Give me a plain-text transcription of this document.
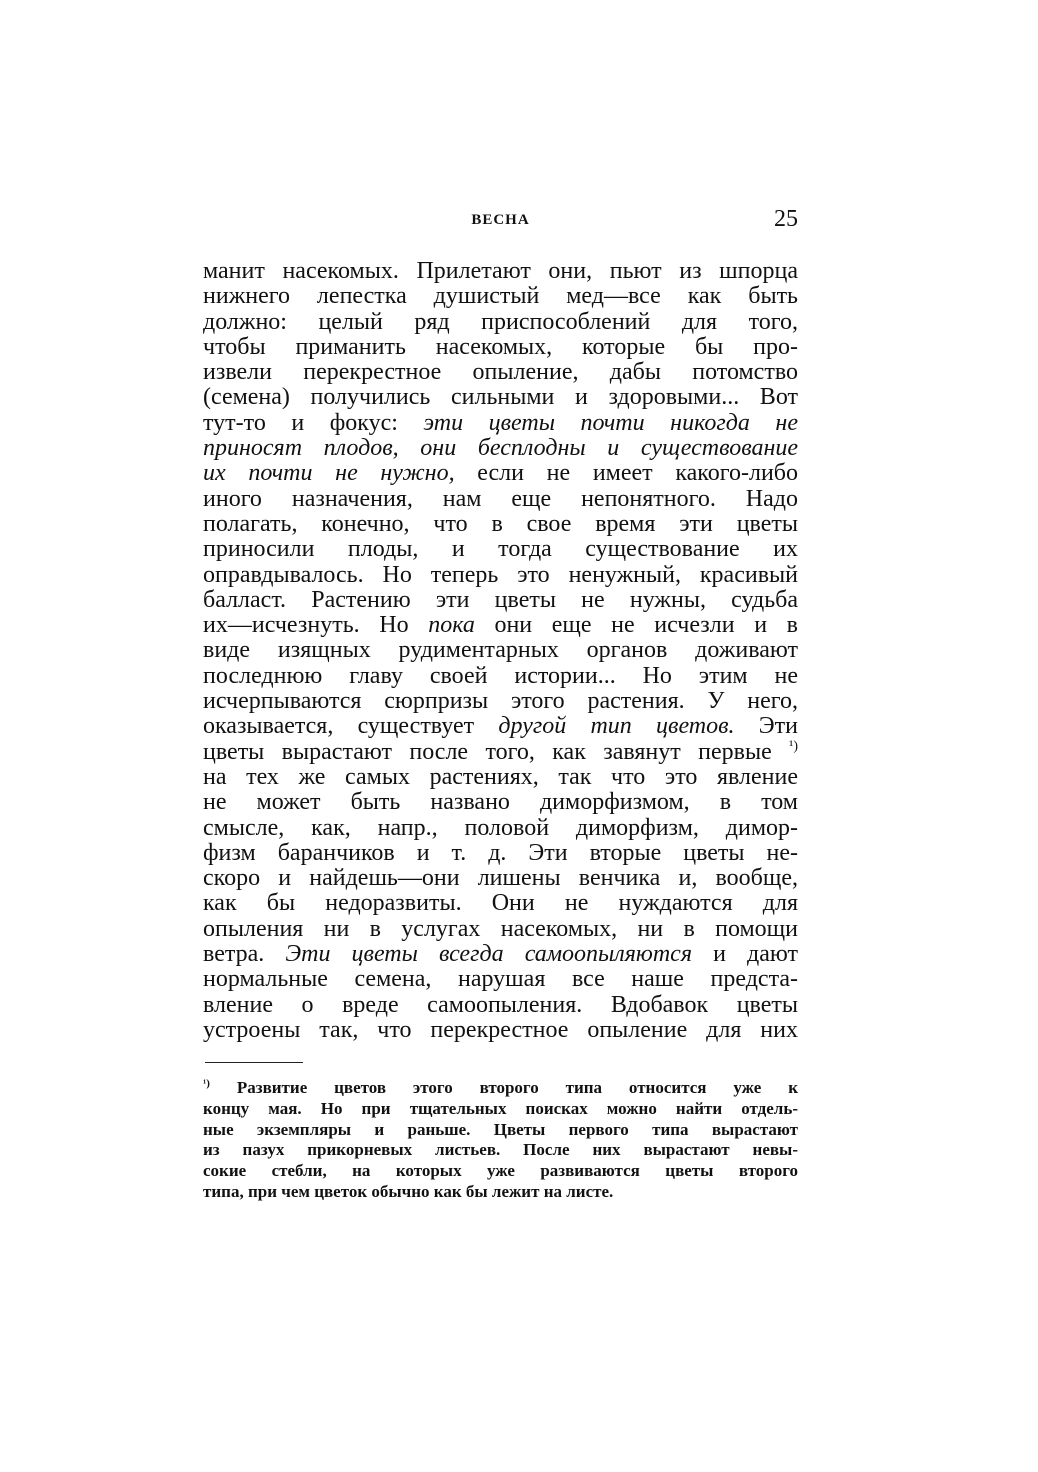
ВЕСНА	25
манит насекомых. Прилетают они, пьют из шпорца
нижнего лепестка душистый мед—все как быть
должно: целый ряд приспособлений для того,
чтобы приманить насекомых, которые бы про-
извели перекрестное опыление, дабы потомство
(семена) получились сильными и здоровыми... Вот
тут-то и фокус: эти цветы почти никогда не
приносят плодов, они бесплодны и существование
их почти не нужно, если не имеет какого-либо
иного назначения, нам еще непонятного. Надо
полагать, конечно, что в свое время эти цветы
приносили плоды, и тогда существование их
оправдывалось. Но теперь это ненужный, красивый
балласт. Растению эти цветы не нужны, судьба
их—исчезнуть. Но пока они еще не исчезли и в
виде изящных рудиментарных органов доживают
последнюю главу своей истории... Но этим не
исчерпываются сюрпризы этого растения. У него,
оказывается, существует другой тип цветов. Эти
цветы вырастают после того, как завянут первые $^{^1)}$
на тех же самых растениях, так что это явление
не может быть названо диморфизмом, в том
смысле, как, напр., половой диморфизм, димор-
физм баранчиков и т. д. Эти вторые цветы не-
скоро и найдешь—они лишены венчика и, вообще,
как бы недоразвиты. Они не нуждаются для
опыления ни в услугах насекомых, ни в помощи
ветра. Эти цветы всегда самоопыляются и дают
нормальные семена, нарушая все наше предста-
вление о вреде самоопыления. Вдобавок цветы
устроены так, что перекрестное опыление для них
$^{^1)}$ Развитие цветов этого второго типа относится уже к
концу мая. Но при тщательных поисках можно найти отдель-
ные экземпляры и раньше. Цветы первого типа вырастают
из пазух прикорневых листьев. После них вырастают невы-
сокие стебли, на которых уже развиваются цветы второго
типа, при чем цветок обычно как бы лежит на листе.
